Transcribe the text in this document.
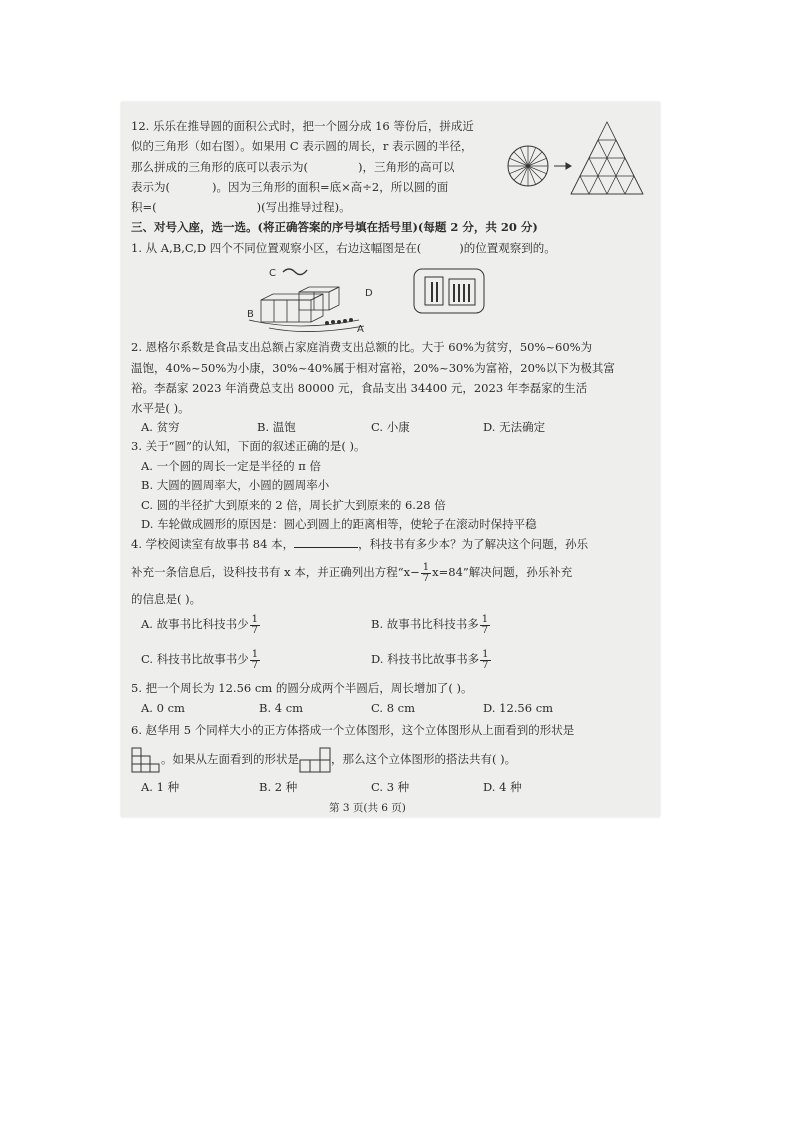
12. 乐乐在推导圆的面积公式时，把一个圆分成 16 等份后，拼成近
似的三角形（如右图）。如果用 C 表示圆的周长，r 表示圆的半径，
那么拼成的三角形的底可以表示为(	)，三角形的高可以
表示为(	)。因为三角形的面积=底×高÷2，所以圆的面
积=(	)(写出推导过程)。
三、对号入座，选一选。(将正确答案的序号填在括号里)(每题 2 分，共 20 分)
1. 从 A,B,C,D 四个不同位置观察小区，右边这幅图是在(	)的位置观察到的。
C
B
D
A
2. 恩格尔系数是食品支出总额占家庭消费支出总额的比。大于 60%为贫穷，50%~60%为
温饱，40%~50%为小康，30%~40%属于相对富裕，20%~30%为富裕，20%以下为极其富
裕。李磊家 2023 年消费总支出 80000 元，食品支出 34400 元，2023 年李磊家的生活
水平是( )。
A. 贫穷	B. 温饱	C. 小康	D. 无法确定
3. 关于“圆”的认知，下面的叙述正确的是( )。
A. 一个圆的周长一定是半径的 π 倍
B. 大圆的圆周率大，小圆的圆周率小
C. 圆的半径扩大到原来的 2 倍，周长扩大到原来的 6.28 倍
D. 车轮做成圆形的原因是：圆心到圆上的距离相等，使轮子在滚动时保持平稳
4. 学校阅读室有故事书 84 本，	，科技书有多少本？为了解决这个问题，孙乐
补充一条信息后，设科技书有 x 本，并正确列出方程“$x- \frac{1}{7} x=84$”解决问题，孙乐补充
的信息是( )。
A. 故事书比科技书少 $\frac{1}{7}$	B. 故事书比科技书多 $\frac{1}{7}$
C. 科技书比故事书少 $\frac{1}{7}$	D. 科技书比故事书多 $\frac{1}{7}$
5. 把一个周长为 12.56 cm 的圆分成两个半圆后，周长增加了( )。
A. 0 cm	B. 4 cm	C. 8 cm	D. 12.56 cm
6. 赵华用 5 个同样大小的正方体搭成一个立体图形，这个立体图形从上面看到的形状是
。如果从左面看到的形状是	，那么这个立体图形的搭法共有( )。
A. 1 种	B. 2 种	C. 3 种	D. 4 种
第 3 页(共 6 页)
